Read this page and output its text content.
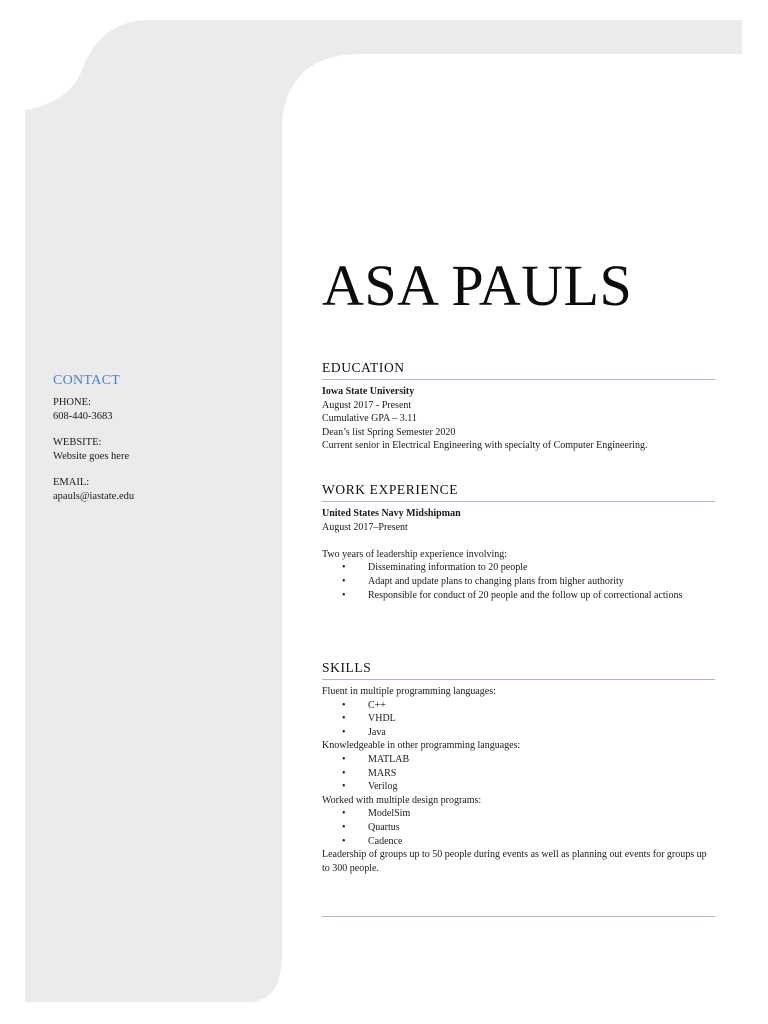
ASA PAULS
CONTACT
PHONE:
608-440-3683
WEBSITE:
Website goes here
EMAIL:
apauls@iastate.edu
EDUCATION
Iowa State University
August 2017 - Present
Cumulative GPA – 3.11
Dean’s list Spring Semester 2020
Current senior in Electrical Engineering with specialty of Computer Engineering.
WORK EXPERIENCE
United States Navy Midshipman
August 2017–Present
Two years of leadership experience involving:
• Disseminating information to 20 people
• Adapt and update plans to changing plans from higher authority
• Responsible for conduct of 20 people and the follow up of correctional actions
SKILLS
Fluent in multiple programming languages:
• C++
• VHDL
• Java
Knowledgeable in other programming languages:
• MATLAB
• MARS
• Verilog
Worked with multiple design programs:
• ModelSim
• Quartus
• Cadence
Leadership of groups up to 50 people during events as well as planning out events for groups up to 300 people.
